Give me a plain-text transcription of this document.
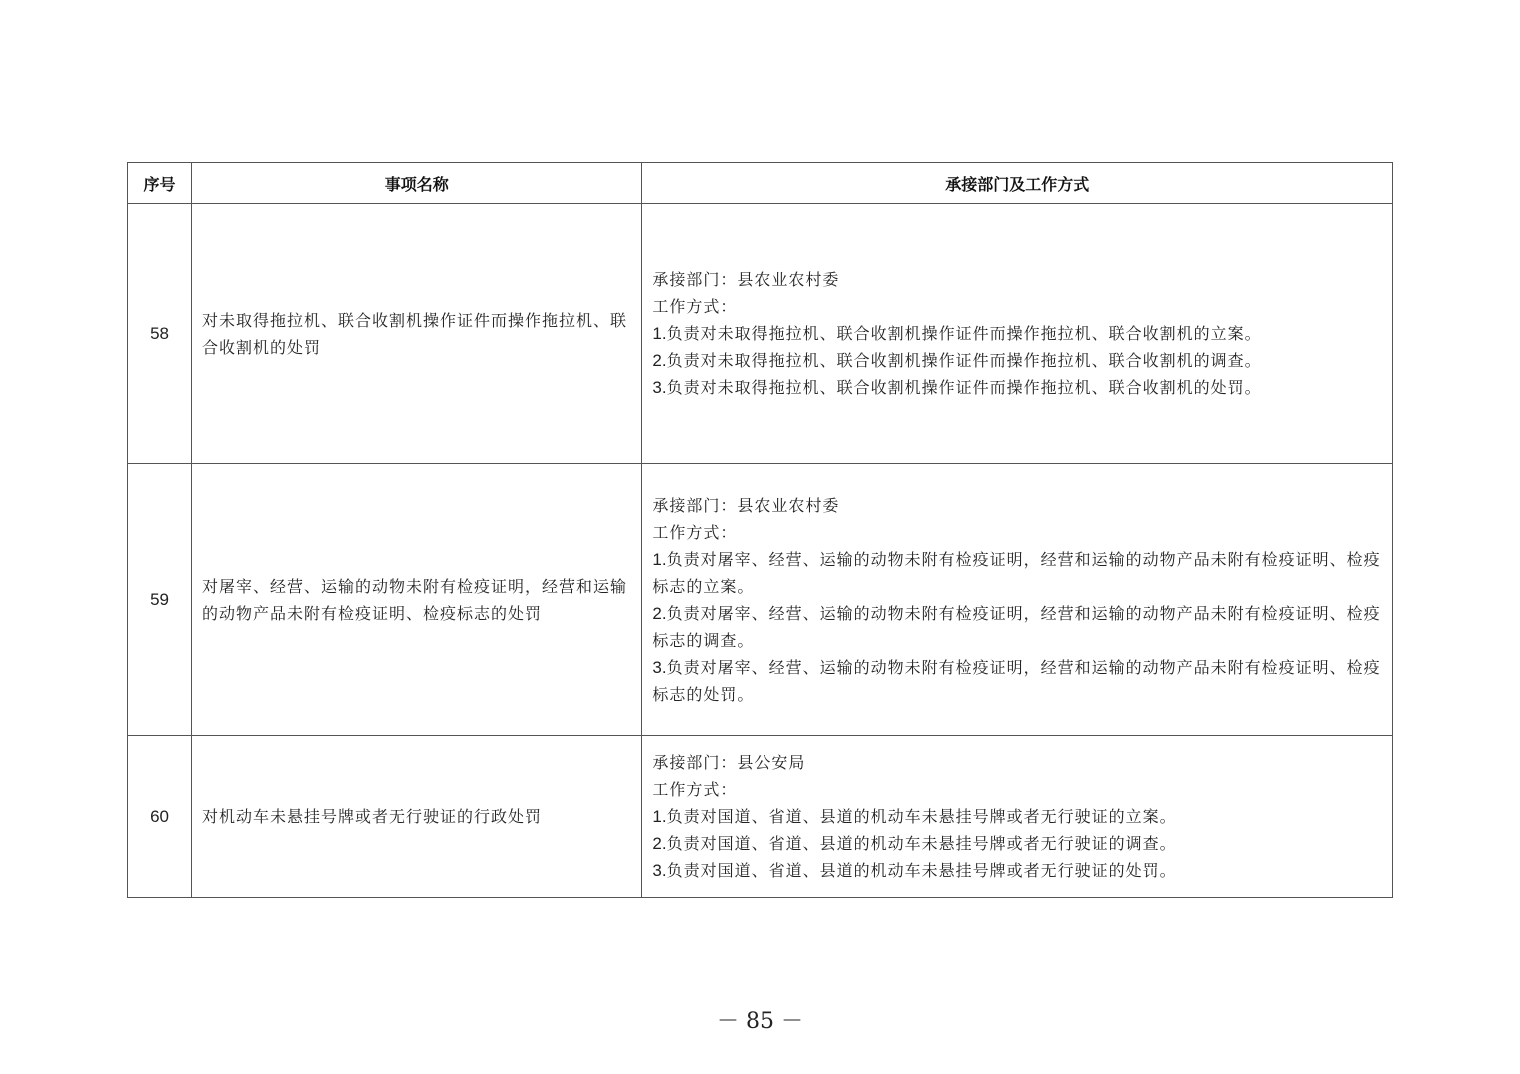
序号	事项名称	承接部门及工作方式
58	对未取得拖拉机、联合收割机操作证件而操作拖拉机、联合收割机的处罚	承接部门：县农业农村委
工作方式：
1.负责对未取得拖拉机、联合收割机操作证件而操作拖拉机、联合收割机的立案。
2.负责对未取得拖拉机、联合收割机操作证件而操作拖拉机、联合收割机的调查。
3.负责对未取得拖拉机、联合收割机操作证件而操作拖拉机、联合收割机的处罚。

59	对屠宰、经营、运输的动物未附有检疫证明，经营和运输的动物产品未附有检疫证明、检疫标志的处罚	承接部门：县农业农村委
工作方式：
1.负责对屠宰、经营、运输的动物未附有检疫证明，经营和运输的动物产品未附有检疫证明、检疫标志的立案。
2.负责对屠宰、经营、运输的动物未附有检疫证明，经营和运输的动物产品未附有检疫证明、检疫标志的调查。
3.负责对屠宰、经营、运输的动物未附有检疫证明，经营和运输的动物产品未附有检疫证明、检疫标志的处罚。

60	对机动车未悬挂号牌或者无行驶证的行政处罚	承接部门：县公安局
工作方式：
1.负责对国道、省道、县道的机动车未悬挂号牌或者无行驶证的立案。
2.负责对国道、省道、县道的机动车未悬挂号牌或者无行驶证的调查。
3.负责对国道、省道、县道的机动车未悬挂号牌或者无行驶证的处罚。
－ 85 －
